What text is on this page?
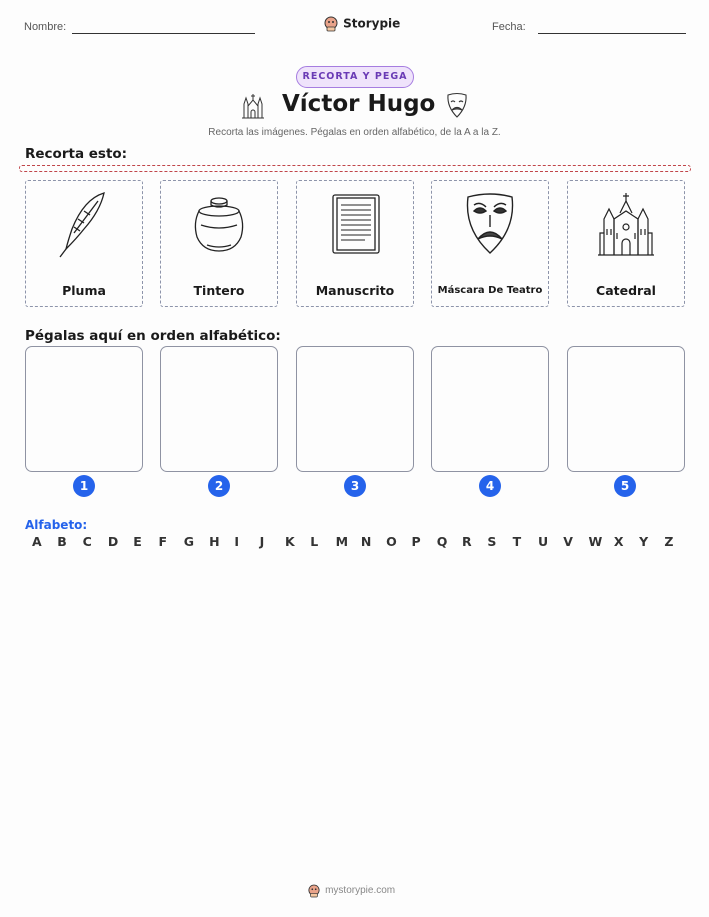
Nombre:	Storypie	Fecha:
RECORTA Y PEGA
Víctor Hugo
Recorta las imágenes. Pégalas en orden alfabético, de la A a la Z.
Recorta esto:
Pluma	Tintero	Manuscrito	Máscara De Teatro	Catedral
Pégalas aquí en orden alfabético:
1	2	3	4	5
Alfabeto:
A	B	C	D	E	F	G	H	I	J	K	L	M	N	O	P	Q	R	S	T	U	V	W X	Y	Z
mystorypie.com
